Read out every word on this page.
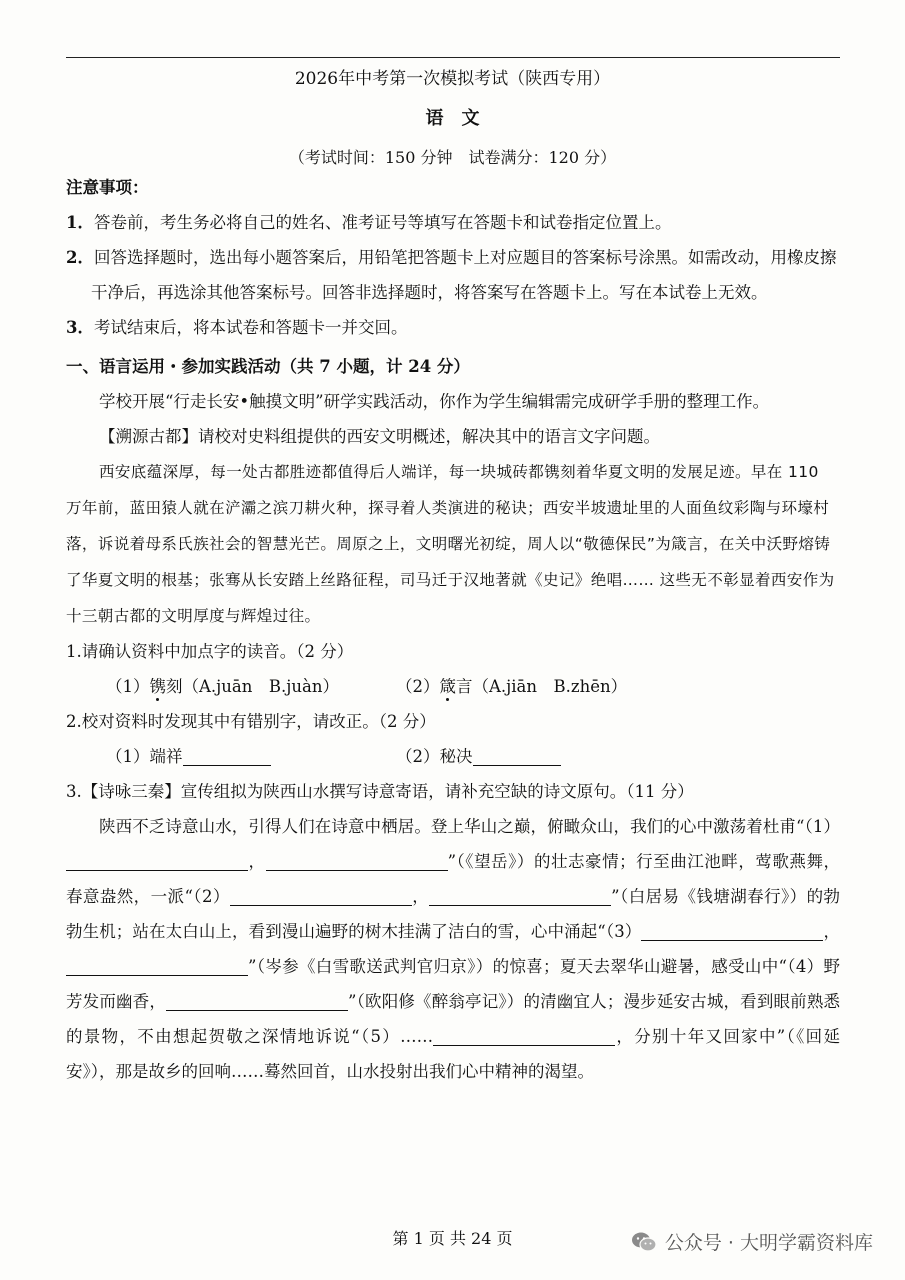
2026年中考第一次模拟考试（陕西专用）
语文
（考试时间：150 分钟　试卷满分：120 分）

注意事项：

1．答卷前，考生务必将自己的姓名、准考证号等填写在答题卡和试卷指定位置上。

2．回答选择题时，选出每小题答案后，用铅笔把答题卡上对应题目的答案标号涂黑。如需改动，用橡皮擦干净后，再选涂其他答案标号。回答非选择题时，将答案写在答题卡上。写在本试卷上无效。

3．考试结束后，将本试卷和答题卡一并交回。

一、语言运用・参加实践活动（共 7 小题，计 24 分）

学校开展“行走长安•触摸文明”研学实践活动，你作为学生编辑需完成研学手册的整理工作。

【溯源古都】请校对史料组提供的西安文明概述，解决其中的语言文字问题。

西安底蕴深厚，每一处古都胜迹都值得后人端详，每一块城砖都镌刻着华夏文明的发展足迹。早在 110 万年前，蓝田猿人就在浐灞之滨刀耕火种，探寻着人类演进的秘诀；西安半坡遗址里的人面鱼纹彩陶与环壕村落，诉说着母系氏族社会的智慧光芒。周原之上，文明曙光初绽，周人以“敬德保民”为箴言，在关中沃野熔铸了华夏文明的根基；张骞从长安踏上丝路征程，司马迁于汉地著就《史记》绝唱…… 这些无不彰显着西安作为十三朝古都的文明厚度与辉煌过往。

1.请确认资料中加点字的读音。（2 分）

（1）镌刻（A.juān　B.juàn）	（2）箴言（A.jiān　B.zhēn）

2.校对资料时发现其中有错别字，请改正。（2 分）

（1）端祥	（2）秘决

3.【诗咏三秦】宣传组拟为陕西山水撰写诗意寄语，请补充空缺的诗文原句。（11 分）

陕西不乏诗意山水，引得人们在诗意中栖居。登上华山之巅，俯瞰众山，我们的心中激荡着杜甫“（1），	”（《望岳》）的壮志豪情；行至曲江池畔，莺歌燕舞，春意盎然，一派“（2）	，	”（白居易《钱塘湖春行》）的勃勃生机；站在太白山上，看到漫山遍野的树木挂满了洁白的雪，心中涌起“（3）	，”（岑参《白雪歌送武判官归京》）的惊喜；夏天去翠华山避暑，感受山中“（4）野芳发而幽香，	”（欧阳修《醉翁亭记》）的清幽宜人；漫步延安古城，看到眼前熟悉的景物，不由想起贺敬之深情地诉说“（5）……	，分别十年又回家中”（《回延安》），那是故乡的回响……蓦然回首，山水投射出我们心中精神的渴望。

第 1 页 共 24 页	公众号 · 大明学霸资料库
